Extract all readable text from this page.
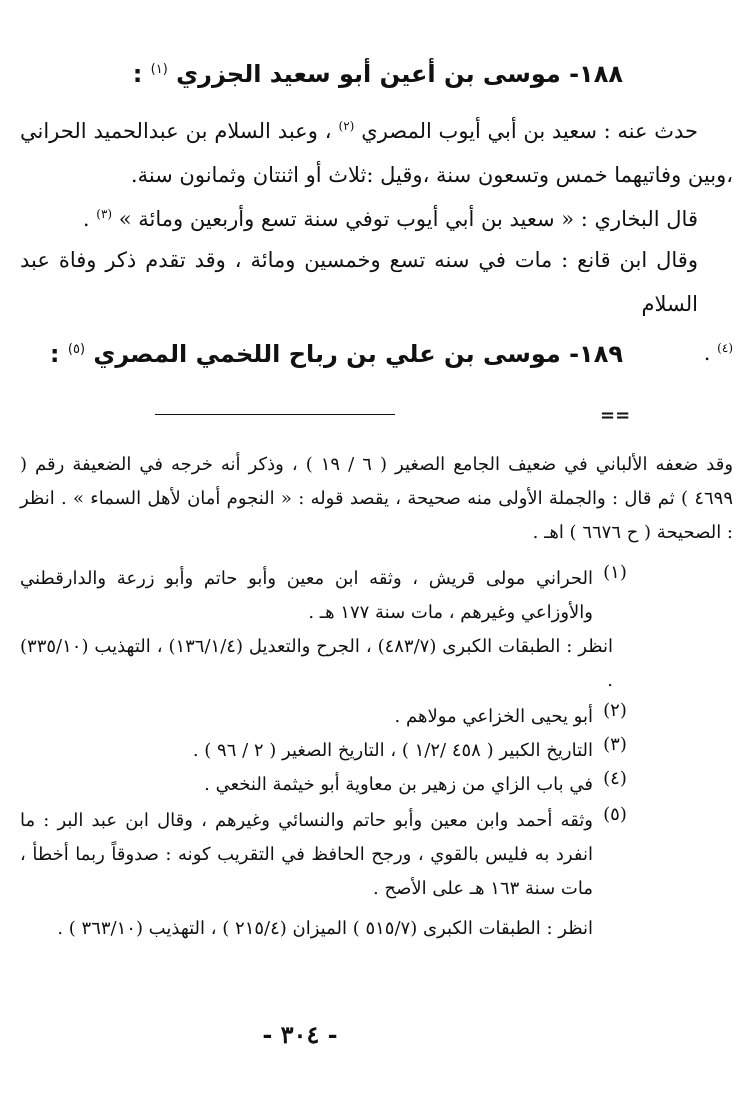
١٨٨- موسى بن أعين أبو سعيد الجزري $^{(١)}$ :
حدث عنه : سعيد بن أبي أيوب المصري $^{(٢)}$ ، وعبد السلام بن عبدالحميد الحراني ،وبين وفاتيهما خمس وتسعون سنة ،وقيل :ثلاث أو اثنتان وثمانون سنة.
قال البخاري : « سعيد بن أبي أيوب توفي سنة تسع وأربعين ومائة » $^{(٣)}$ .
وقال ابن قانع : مات في سنه تسع وخمسين ومائة ، وقد تقدم ذكر وفاة عبد السلام $^{(٤)}$ .
١٨٩- موسى بن علي بن رباح اللخمي المصري $^{(٥)}$ :
==
وقد ضعفه الألباني في ضعيف الجامع الصغير ( ٦ / ١٩ ) ، وذكر أنه خرجه في الضعيفة رقم ( ٤٦٩٩ ) ثم قال : والجملة الأولى منه صحيحة ، يقصد قوله : « النجوم أمان لأهل السماء » . انظر : الصحيحة ( ح ٦٦٧٦ ) اهـ .
(١)
الحراني مولى قريش ، وثقه ابن معين وأبو حاتم وأبو زرعة والدارقطني والأوزاعي وغيرهم ، مات سنة ١٧٧ هـ .
انظر : الطبقات الكبرى (٤٨٣/٧) ، الجرح والتعديل (١٣٦/١/٤) ، التهذيب (٣٣٥/١٠) .
(٢)
أبو يحيى الخزاعي مولاهم .
(٣)
التاريخ الكبير ( ٤٥٨ /١/٢ ) ، التاريخ الصغير ( ٢ / ٩٦ ) .
(٤)
في باب الزاي من زهير بن معاوية أبو خيثمة النخعي .
(٥)
وثقه أحمد وابن معين وأبو حاتم والنسائي وغيرهم ، وقال ابن عبد البر : ما انفرد به فليس بالقوي ، ورجح الحافظ في التقريب كونه : صدوقاً ربما أخطأ ، مات سنة ١٦٣ هـ على الأصح .
انظر : الطبقات الكبرى (٥١٥/٧ ) الميزان (٢١٥/٤ ) ، التهذيب (٣٦٣/١٠ ) .
- ٣٠٤ -
